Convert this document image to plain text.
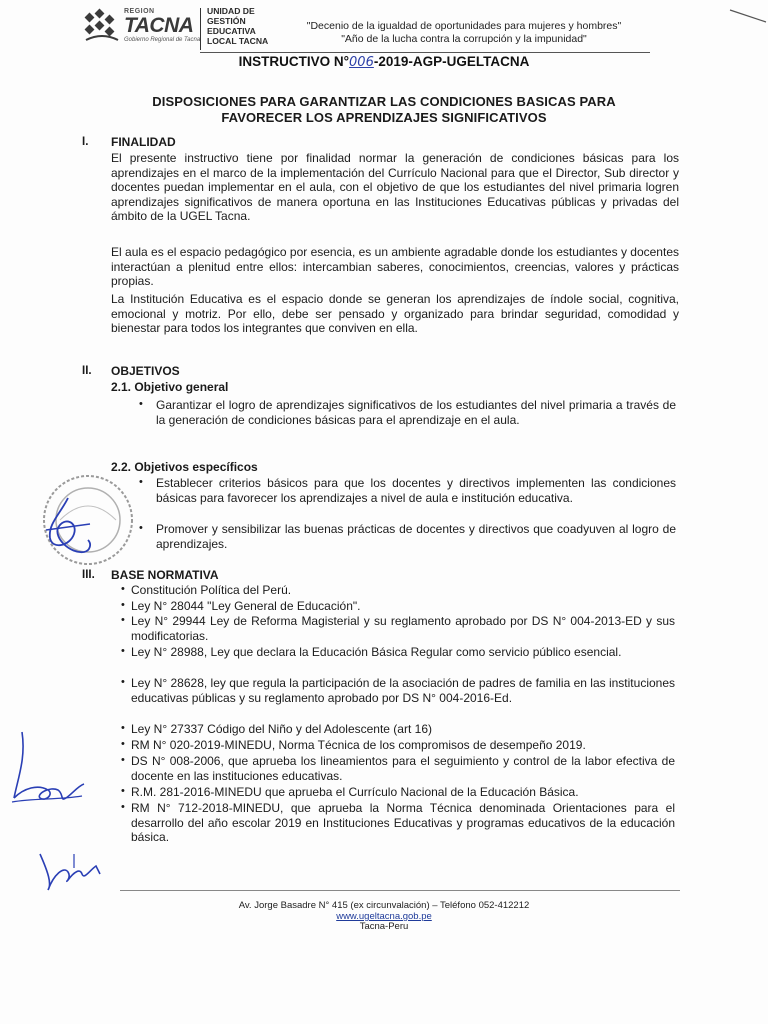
REGION
TACNA
Gobierno Regional de Tacna
UNIDAD DE
GESTIÓN
EDUCATIVA
LOCAL TACNA
"Decenio de la igualdad de oportunidades para mujeres y hombres"
"Año de la lucha contra la corrupción y la impunidad"
INSTRUCTIVO N°006-2019-AGP-UGELTACNA
DISPOSICIONES PARA GARANTIZAR LAS CONDICIONES BASICAS PARA
FAVORECER LOS APRENDIZAJES SIGNIFICATIVOS
I. FINALIDAD
El presente instructivo tiene por finalidad normar la generación de condiciones básicas para los aprendizajes en el marco de la implementación del Currículo Nacional para que el Director, Sub director y docentes puedan implementar en el aula, con el objetivo de que los estudiantes del nivel primaria logren aprendizajes significativos de manera oportuna en las Instituciones Educativas públicas y privadas del ámbito de la UGEL Tacna.
El aula es el espacio pedagógico por esencia, es un ambiente agradable donde los estudiantes y docentes interactúan a plenitud entre ellos: intercambian saberes, conocimientos, creencias, valores y prácticas propias.
La Institución Educativa es el espacio donde se generan los aprendizajes de índole social, cognitiva, emocional y motriz. Por ello, debe ser pensado y organizado para brindar seguridad, comodidad y bienestar para todos los integrantes que conviven en ella.
II. OBJETIVOS
2.1. Objetivo general
• Garantizar el logro de aprendizajes significativos de los estudiantes del nivel primaria a través de la generación de condiciones básicas para el aprendizaje en el aula.
2.2. Objetivos específicos
• Establecer criterios básicos para que los docentes y directivos implementen las condiciones básicas para favorecer los aprendizajes a nivel de aula e institución educativa.
• Promover y sensibilizar las buenas prácticas de docentes y directivos que coadyuven al logro de aprendizajes.
III. BASE NORMATIVA
• Constitución Política del Perú.
• Ley N° 28044 "Ley General de Educación".
• Ley N° 29944 Ley de Reforma Magisterial y su reglamento aprobado por DS N° 004-2013-ED y sus modificatorias.
• Ley N° 28988, Ley que declara la Educación Básica Regular como servicio público esencial.
• Ley N° 28628, ley que regula la participación de la asociación de padres de familia en las instituciones educativas públicas y su reglamento aprobado por DS N° 004-2016-Ed.
• Ley N° 27337 Código del Niño y del Adolescente (art 16)
• RM N° 020-2019-MINEDU, Norma Técnica de los compromisos de desempeño 2019.
• DS N° 008-2006, que aprueba los lineamientos para el seguimiento y control de la labor efectiva de docente en las instituciones educativas.
• R.M. 281-2016-MINEDU que aprueba el Currículo Nacional de la Educación Básica.
• RM N° 712-2018-MINEDU, que aprueba la Norma Técnica denominada Orientaciones para el desarrollo del año escolar 2019 en Instituciones Educativas y programas educativos de la educación básica.
Av. Jorge Basadre N° 415 (ex circunvalación) – Teléfono 052-412212
www.ugeltacna.gob.pe
Tacna-Peru
